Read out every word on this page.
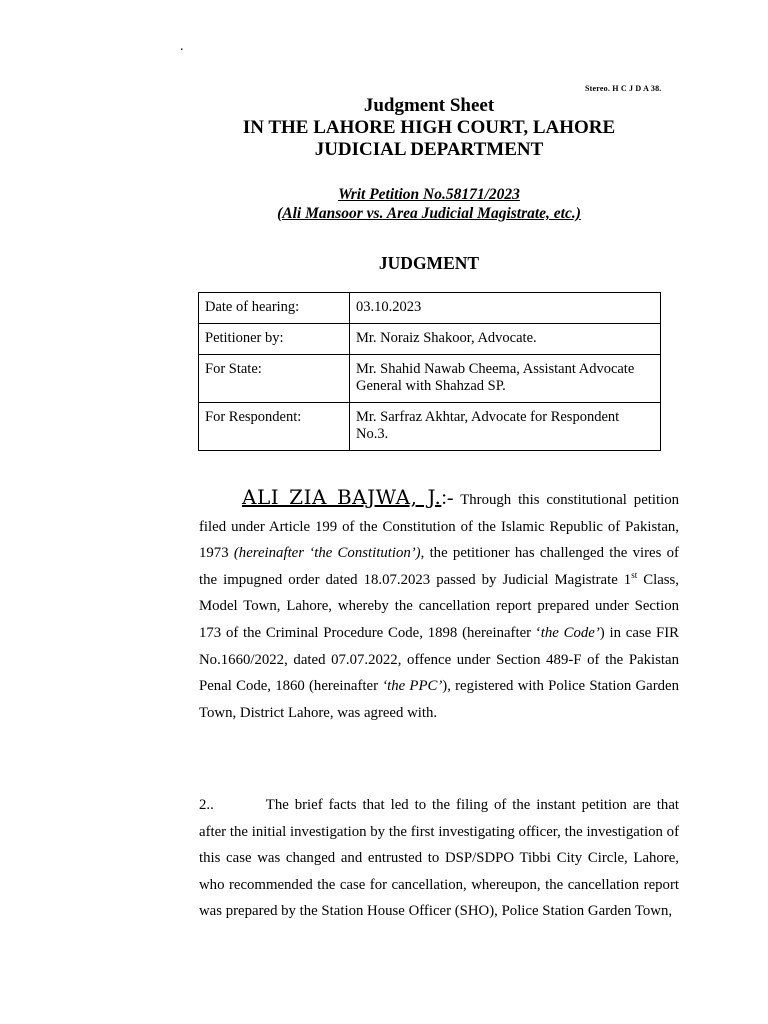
.
Stereo. H C J D A 38.
Judgment Sheet
IN THE LAHORE HIGH COURT, LAHORE
JUDICIAL DEPARTMENT
Writ Petition No.58171/2023
(Ali Mansoor vs. Area Judicial Magistrate, etc.)
JUDGMENT
Date of hearing:	03.10.2023
Petitioner by:	Mr. Noraiz Shakoor, Advocate.
For State:	Mr. Shahid Nawab Cheema, Assistant Advocate General with Shahzad SP.
For Respondent:	Mr. Sarfraz Akhtar, Advocate for Respondent No.3.
ALI ZIA BAJWA, J.:- Through this constitutional petition filed under Article 199 of the Constitution of the Islamic Republic of Pakistan, 1973 (hereinafter ‘the Constitution’), the petitioner has challenged the vires of the impugned order dated 18.07.2023 passed by Judicial Magistrate 1st Class, Model Town, Lahore, whereby the cancellation report prepared under Section 173 of the Criminal Procedure Code, 1898 (hereinafter ‘the Code’) in case FIR No.1660/2022, dated 07.07.2022, offence under Section 489-F of the Pakistan Penal Code, 1860 (hereinafter ‘the PPC’), registered with Police Station Garden Town, District Lahore, was agreed with.
2..	The brief facts that led to the filing of the instant petition are that after the initial investigation by the first investigating officer, the investigation of this case was changed and entrusted to DSP/SDPO Tibbi City Circle, Lahore, who recommended the case for cancellation, whereupon, the cancellation report was prepared by the Station House Officer (SHO), Police Station Garden Town,
